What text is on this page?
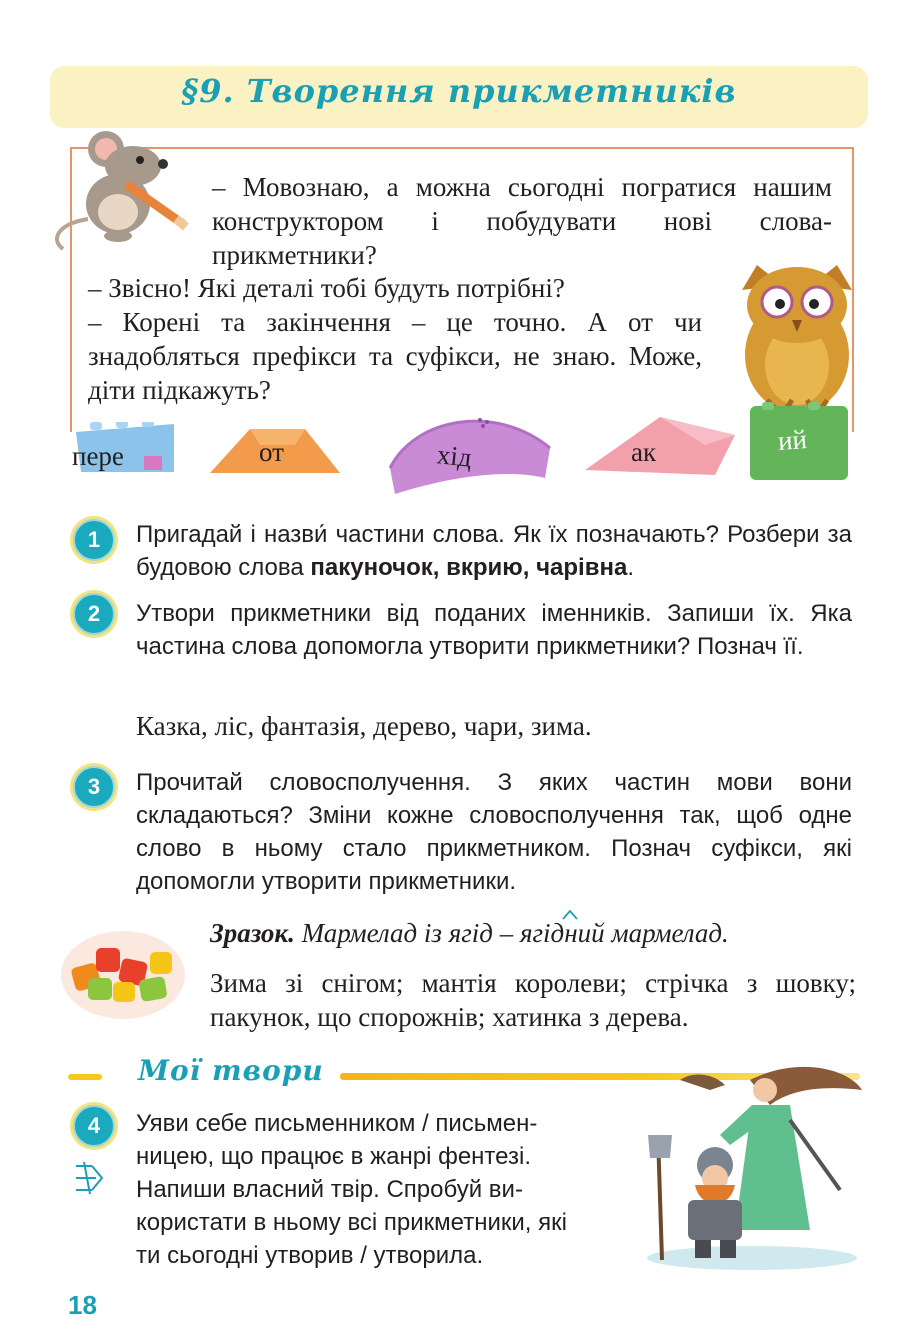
§9. Творення прикметників
– Мовознаю, а можна сьогодні погратися нашим конструктором і побудувати нові слова-прикметники?
– Звісно! Які деталі тобі будуть потрібні?
– Корені та закінчення – це точно. А от чи знадобляться префікси та суфікси, не знаю. Може, діти підкажуть?
пере	от	хід	ак	ий
1	Пригадай і назви́ частини слова. Як їх позначають? Розбери за будовою слова пакуночок, вкрию, чарівна.
2	Утвори прикметники від поданих іменників. Запиши їх. Яка частина слова допомогла утворити прикметники? Познач її.
Казка, ліс, фантазія, дерево, чари, зима.
3	Прочитай словосполучення. З яких частин мови вони складаються? Зміни кожне словосполучення так, щоб одне слово в ньому стало прикметником. Познач суфікси, які допомогли утворити прикметники.
Зразок. Мармелад із ягід – ягідн
ий мармелад.
Зима зі снігом; мантія королеви; стрічка з шовку; пакунок, що спорожнів; хатинка з дерева.
Мої твори
4	Уяви себе письменником / письменницею, що працює в жанрі фентезі. Напиши власний твір. Спробуй використати в ньому всі прикметники, які ти сьогодні утворив / утворила.
18
